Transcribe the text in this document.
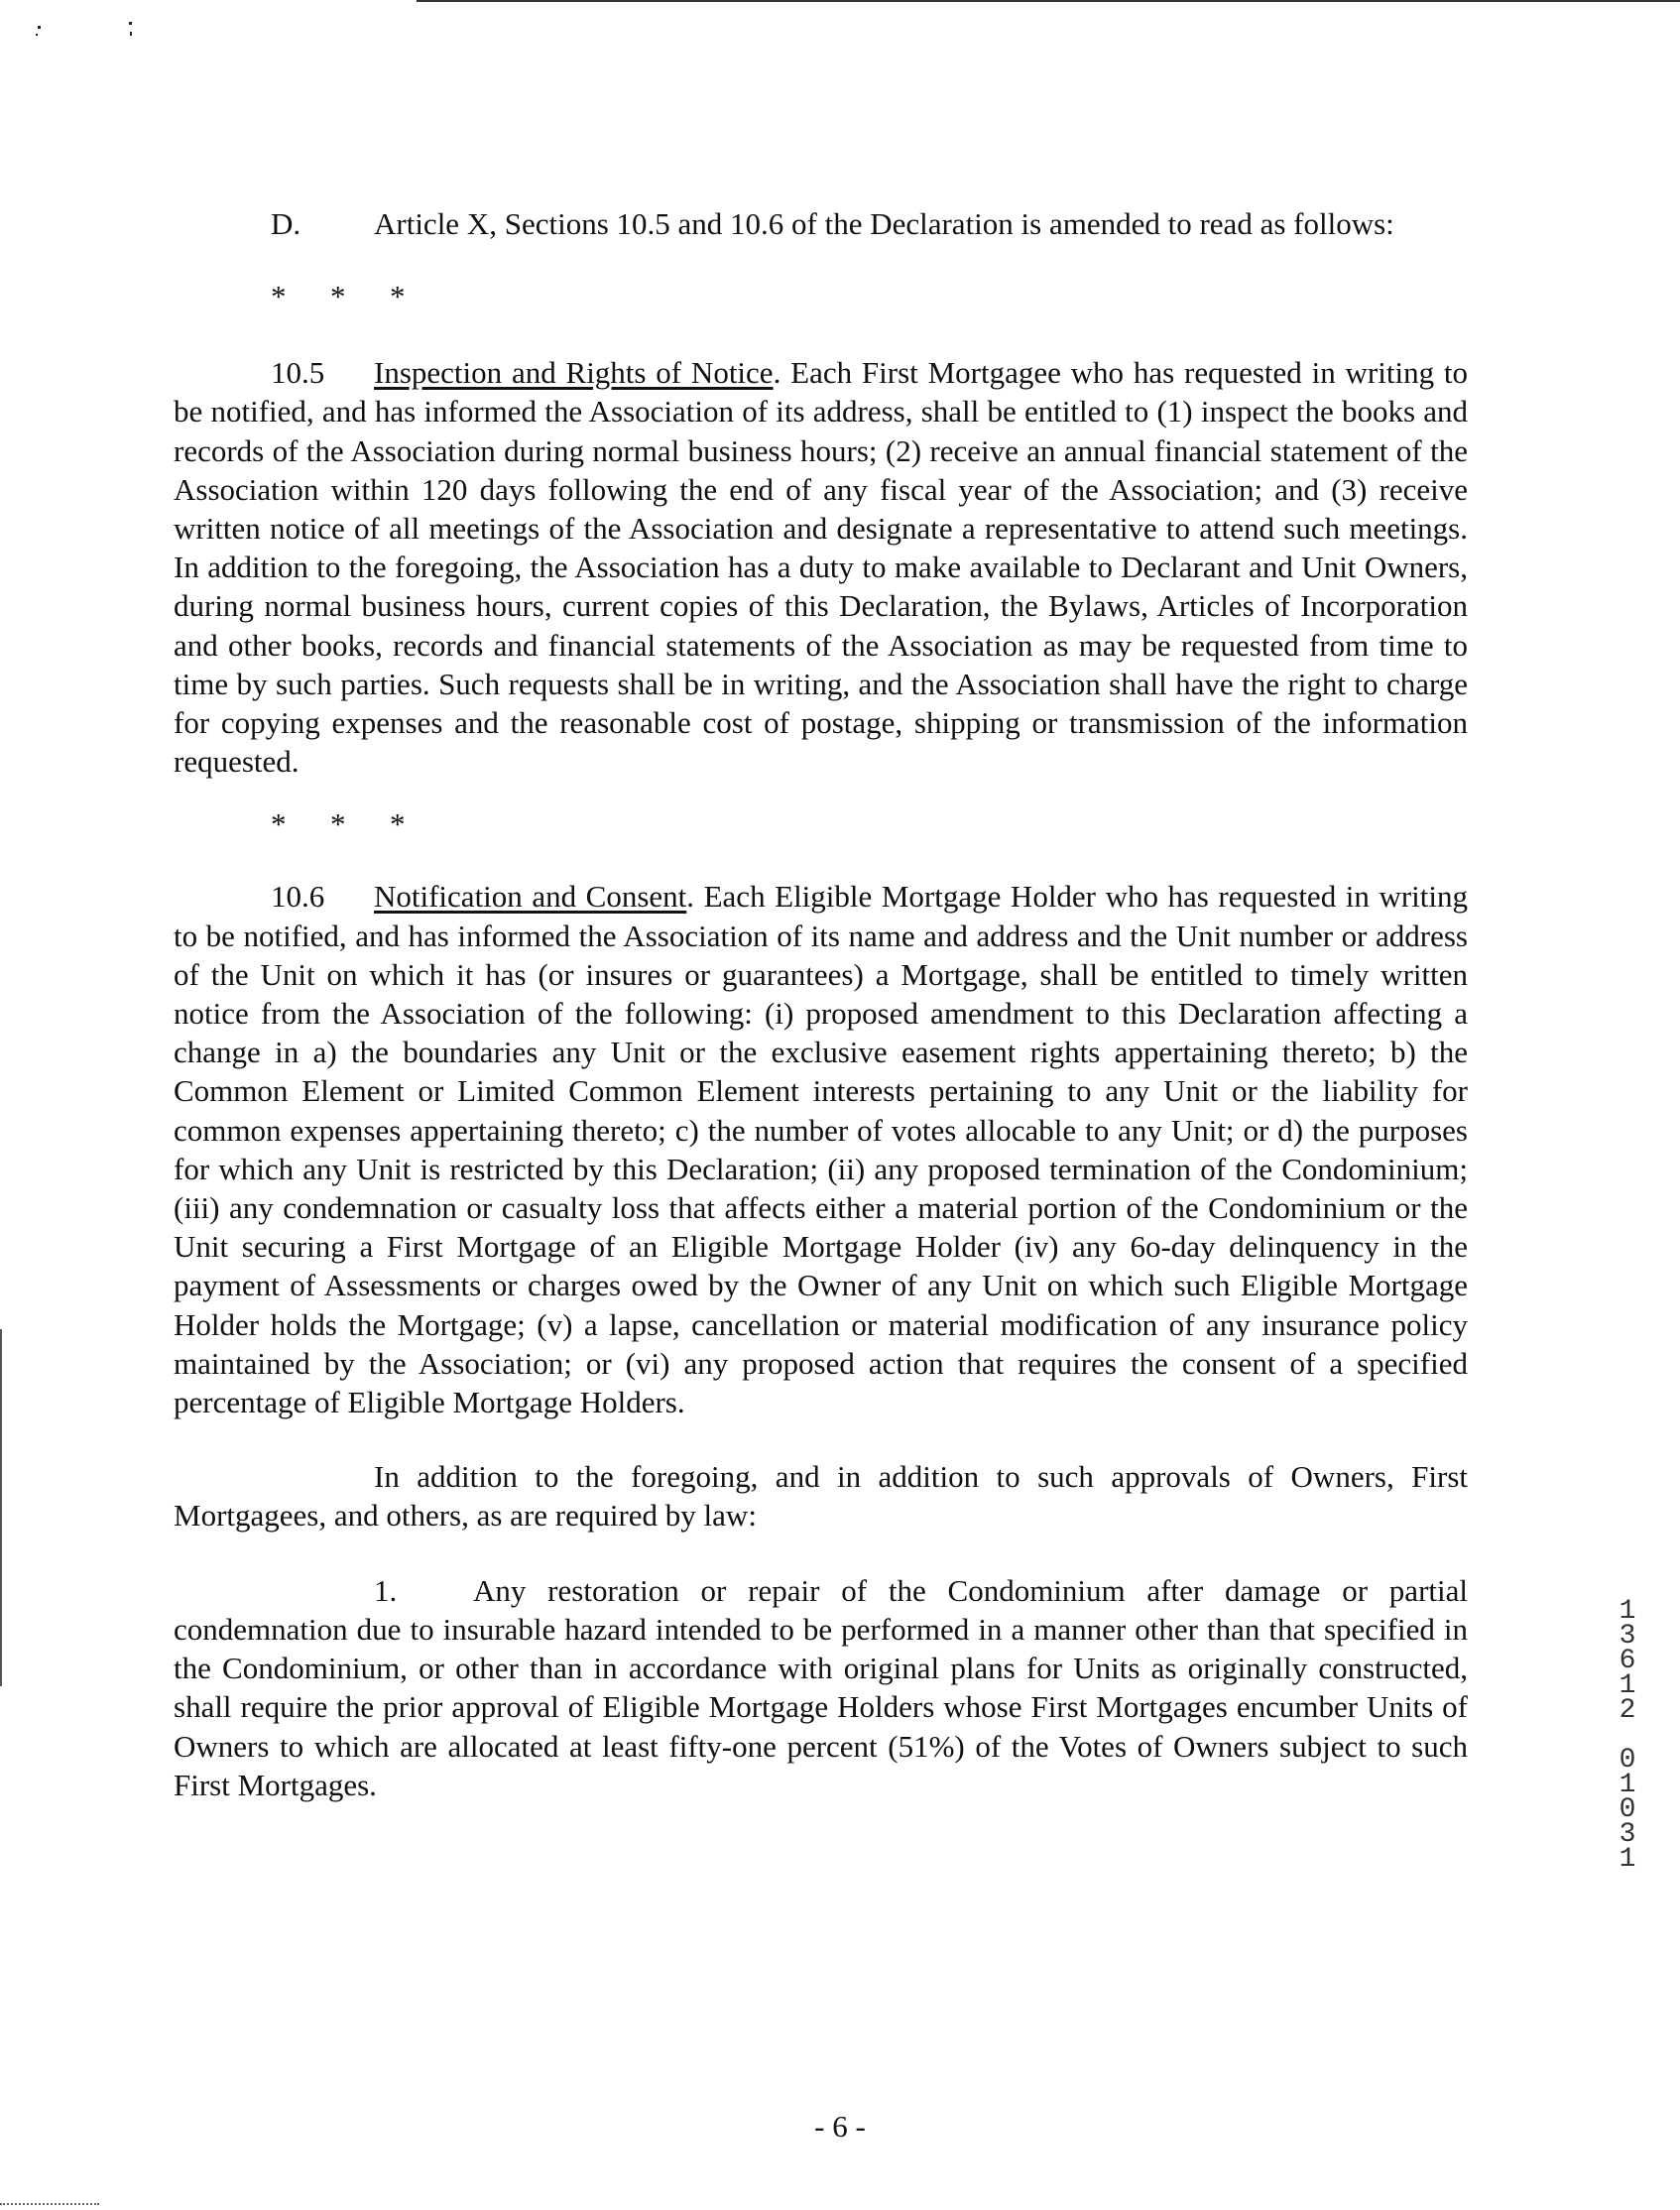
D. Article X, Sections 10.5 and 10.6 of the Declaration is amended to read as follows:

* * *

10.5 Inspection and Rights of Notice. Each First Mortgagee who has requested in writing to be notified, and has informed the Association of its address, shall be entitled to (1) inspect the books and records of the Association during normal business hours; (2) receive an annual financial statement of the Association within 120 days following the end of any fiscal year of the Association; and (3) receive written notice of all meetings of the Association and designate a representative to attend such meetings. In addition to the foregoing, the Association has a duty to make available to Declarant and Unit Owners, during normal business hours, current copies of this Declaration, the Bylaws, Articles of Incorporation and other books, records and financial statements of the Association as may be requested from time to time by such parties. Such requests shall be in writing, and the Association shall have the right to charge for copying expenses and the reasonable cost of postage, shipping or transmission of the information requested.

* * *

10.6 Notification and Consent. Each Eligible Mortgage Holder who has requested in writing to be notified, and has informed the Association of its name and address and the Unit number or address of the Unit on which it has (or insures or guarantees) a Mortgage, shall be entitled to timely written notice from the Association of the following: (i) proposed amendment to this Declaration affecting a change in a) the boundaries any Unit or the exclusive easement rights appertaining thereto; b) the Common Element or Limited Common Element interests pertaining to any Unit or the liability for common expenses appertaining thereto; c) the number of votes allocable to any Unit; or d) the purposes for which any Unit is restricted by this Declaration; (ii) any proposed termination of the Condominium; (iii) any condemnation or casualty loss that affects either a material portion of the Condominium or the Unit securing a First Mortgage of an Eligible Mortgage Holder (iv) any 6o-day delinquency in the payment of Assessments or charges owed by the Owner of any Unit on which such Eligible Mortgage Holder holds the Mortgage; (v) a lapse, cancellation or material modification of any insurance policy maintained by the Association; or (vi) any proposed action that requires the consent of a specified percentage of Eligible Mortgage Holders.

In addition to the foregoing, and in addition to such approvals of Owners, First Mortgagees, and others, as are required by law:

1. Any restoration or repair of the Condominium after damage or partial condemnation due to insurable hazard intended to be performed in a manner other than that specified in the Condominium, or other than in accordance with original plans for Units as originally constructed, shall require the prior approval of Eligible Mortgage Holders whose First Mortgages encumber Units of Owners to which are allocated at least fifty-one percent (51%) of the Votes of Owners subject to such First Mortgages.

- 6 -
1
3
6
1
2
0
1
0
3
1
